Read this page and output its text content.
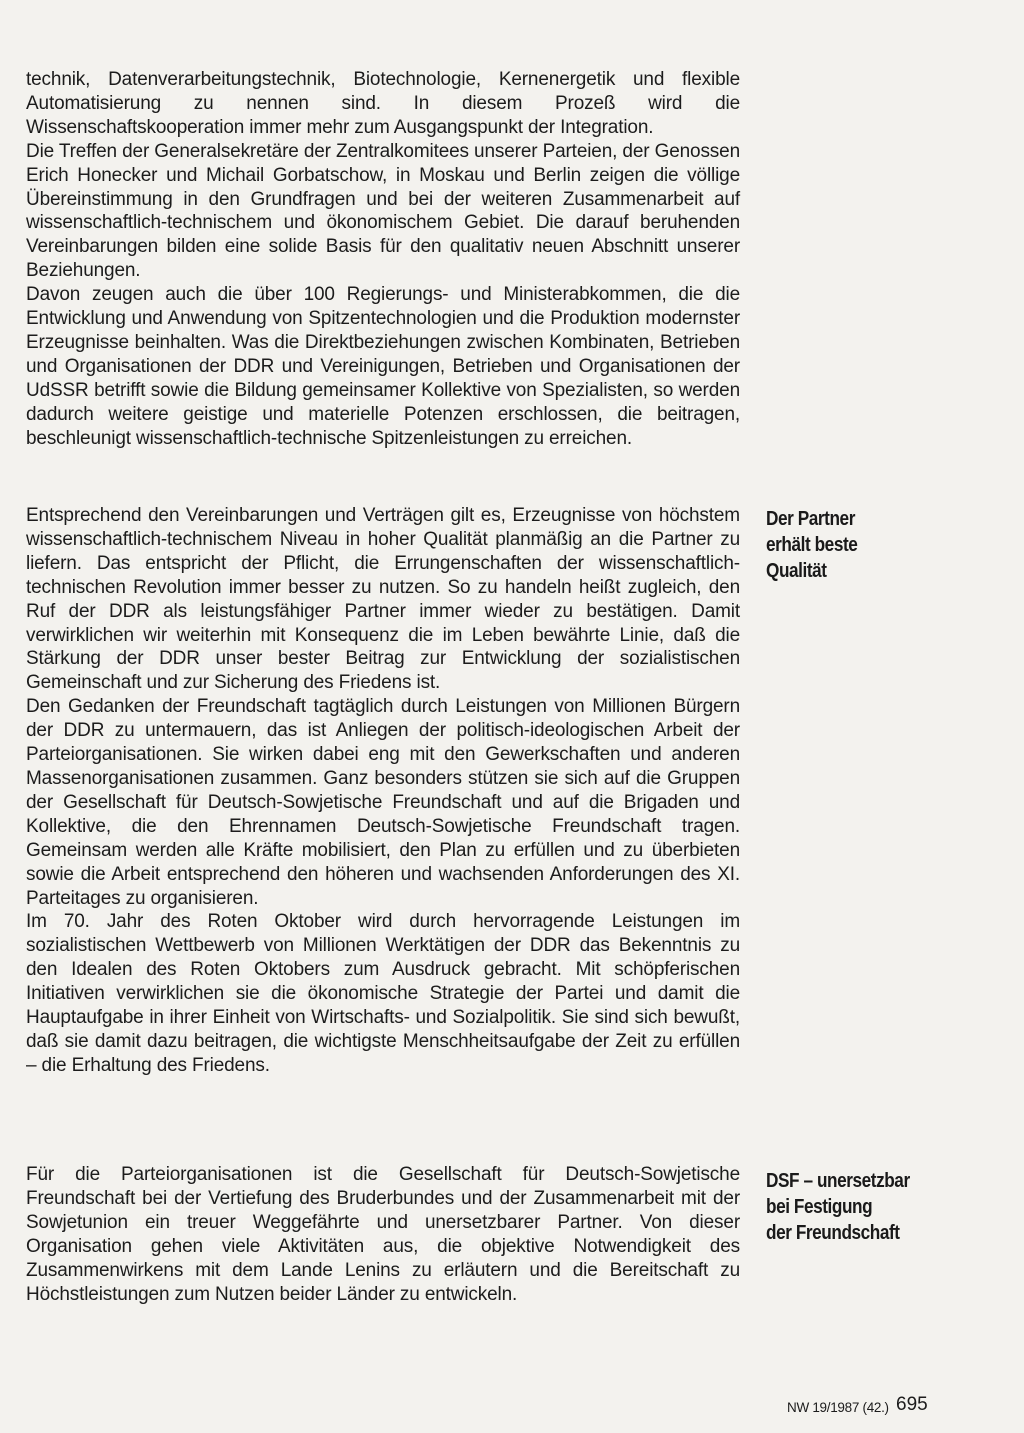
technik, Datenverarbeitungstechnik, Biotechnologie, Kernenergetik und flexible Automatisierung zu nennen sind. In diesem Prozeß wird die Wissenschaftskooperation immer mehr zum Ausgangspunkt der Integration.

Die Treffen der Generalsekretäre der Zentralkomitees unserer Parteien, der Genossen Erich Honecker und Michail Gorbatschow, in Moskau und Berlin zeigen die völlige Übereinstimmung in den Grundfragen und bei der weiteren Zusammenarbeit auf wissenschaftlich-technischem und ökonomischem Gebiet. Die darauf beruhenden Vereinbarungen bilden eine solide Basis für den qualitativ neuen Abschnitt unserer Beziehungen.

Davon zeugen auch die über 100 Regierungs- und Ministerabkommen, die die Entwicklung und Anwendung von Spitzentechnologien und die Produktion modernster Erzeugnisse beinhalten. Was die Direktbeziehungen zwischen Kombinaten, Betrieben und Organisationen der DDR und Vereinigungen, Betrieben und Organisationen der UdSSR betrifft sowie die Bildung gemeinsamer Kollektive von Spezialisten, so werden dadurch weitere geistige und materielle Potenzen erschlossen, die beitragen, beschleunigt wissenschaftlich-technische Spitzenleistungen zu erreichen.

Entsprechend den Vereinbarungen und Verträgen gilt es, Erzeugnisse von höchstem wissenschaftlich-technischem Niveau in hoher Qualität planmäßig an die Partner zu liefern. Das entspricht der Pflicht, die Errungenschaften der wissenschaftlich-technischen Revolution immer besser zu nutzen. So zu handeln heißt zugleich, den Ruf der DDR als leistungsfähiger Partner immer wieder zu bestätigen. Damit verwirklichen wir weiterhin mit Konsequenz die im Leben bewährte Linie, daß die Stärkung der DDR unser bester Beitrag zur Entwicklung der sozialistischen Gemeinschaft und zur Sicherung des Friedens ist.

Den Gedanken der Freundschaft tagtäglich durch Leistungen von Millionen Bürgern der DDR zu untermauern, das ist Anliegen der politisch-ideologischen Arbeit der Parteiorganisationen. Sie wirken dabei eng mit den Gewerkschaften und anderen Massenorganisationen zusammen. Ganz besonders stützen sie sich auf die Gruppen der Gesellschaft für Deutsch-Sowjetische Freundschaft und auf die Brigaden und Kollektive, die den Ehrennamen Deutsch-Sowjetische Freundschaft tragen. Gemeinsam werden alle Kräfte mobilisiert, den Plan zu erfüllen und zu überbieten sowie die Arbeit entsprechend den höheren und wachsenden Anforderungen des XI. Parteitages zu organisieren.

Im 70. Jahr des Roten Oktober wird durch hervorragende Leistungen im sozialistischen Wettbewerb von Millionen Werktätigen der DDR das Bekenntnis zu den Idealen des Roten Oktobers zum Ausdruck gebracht. Mit schöpferischen Initiativen verwirklichen sie die ökonomische Strategie der Partei und damit die Hauptaufgabe in ihrer Einheit von Wirtschafts- und Sozialpolitik. Sie sind sich bewußt, daß sie damit dazu beitragen, die wichtigste Menschheitsaufgabe der Zeit zu erfüllen – die Erhaltung des Friedens.

Für die Parteiorganisationen ist die Gesellschaft für Deutsch-Sowjetische Freundschaft bei der Vertiefung des Bruderbundes und der Zusammenarbeit mit der Sowjetunion ein treuer Weggefährte und unersetzbarer Partner. Von dieser Organisation gehen viele Aktivitäten aus, die objektive Notwendigkeit des Zusammenwirkens mit dem Lande Lenins zu erläutern und die Bereitschaft zu Höchstleistungen zum Nutzen beider Länder zu entwickeln.

Der Partner
erhält beste
Qualität

DSF – unersetzbar
bei Festigung
der Freundschaft

NW 19/1987 (42.) 695
